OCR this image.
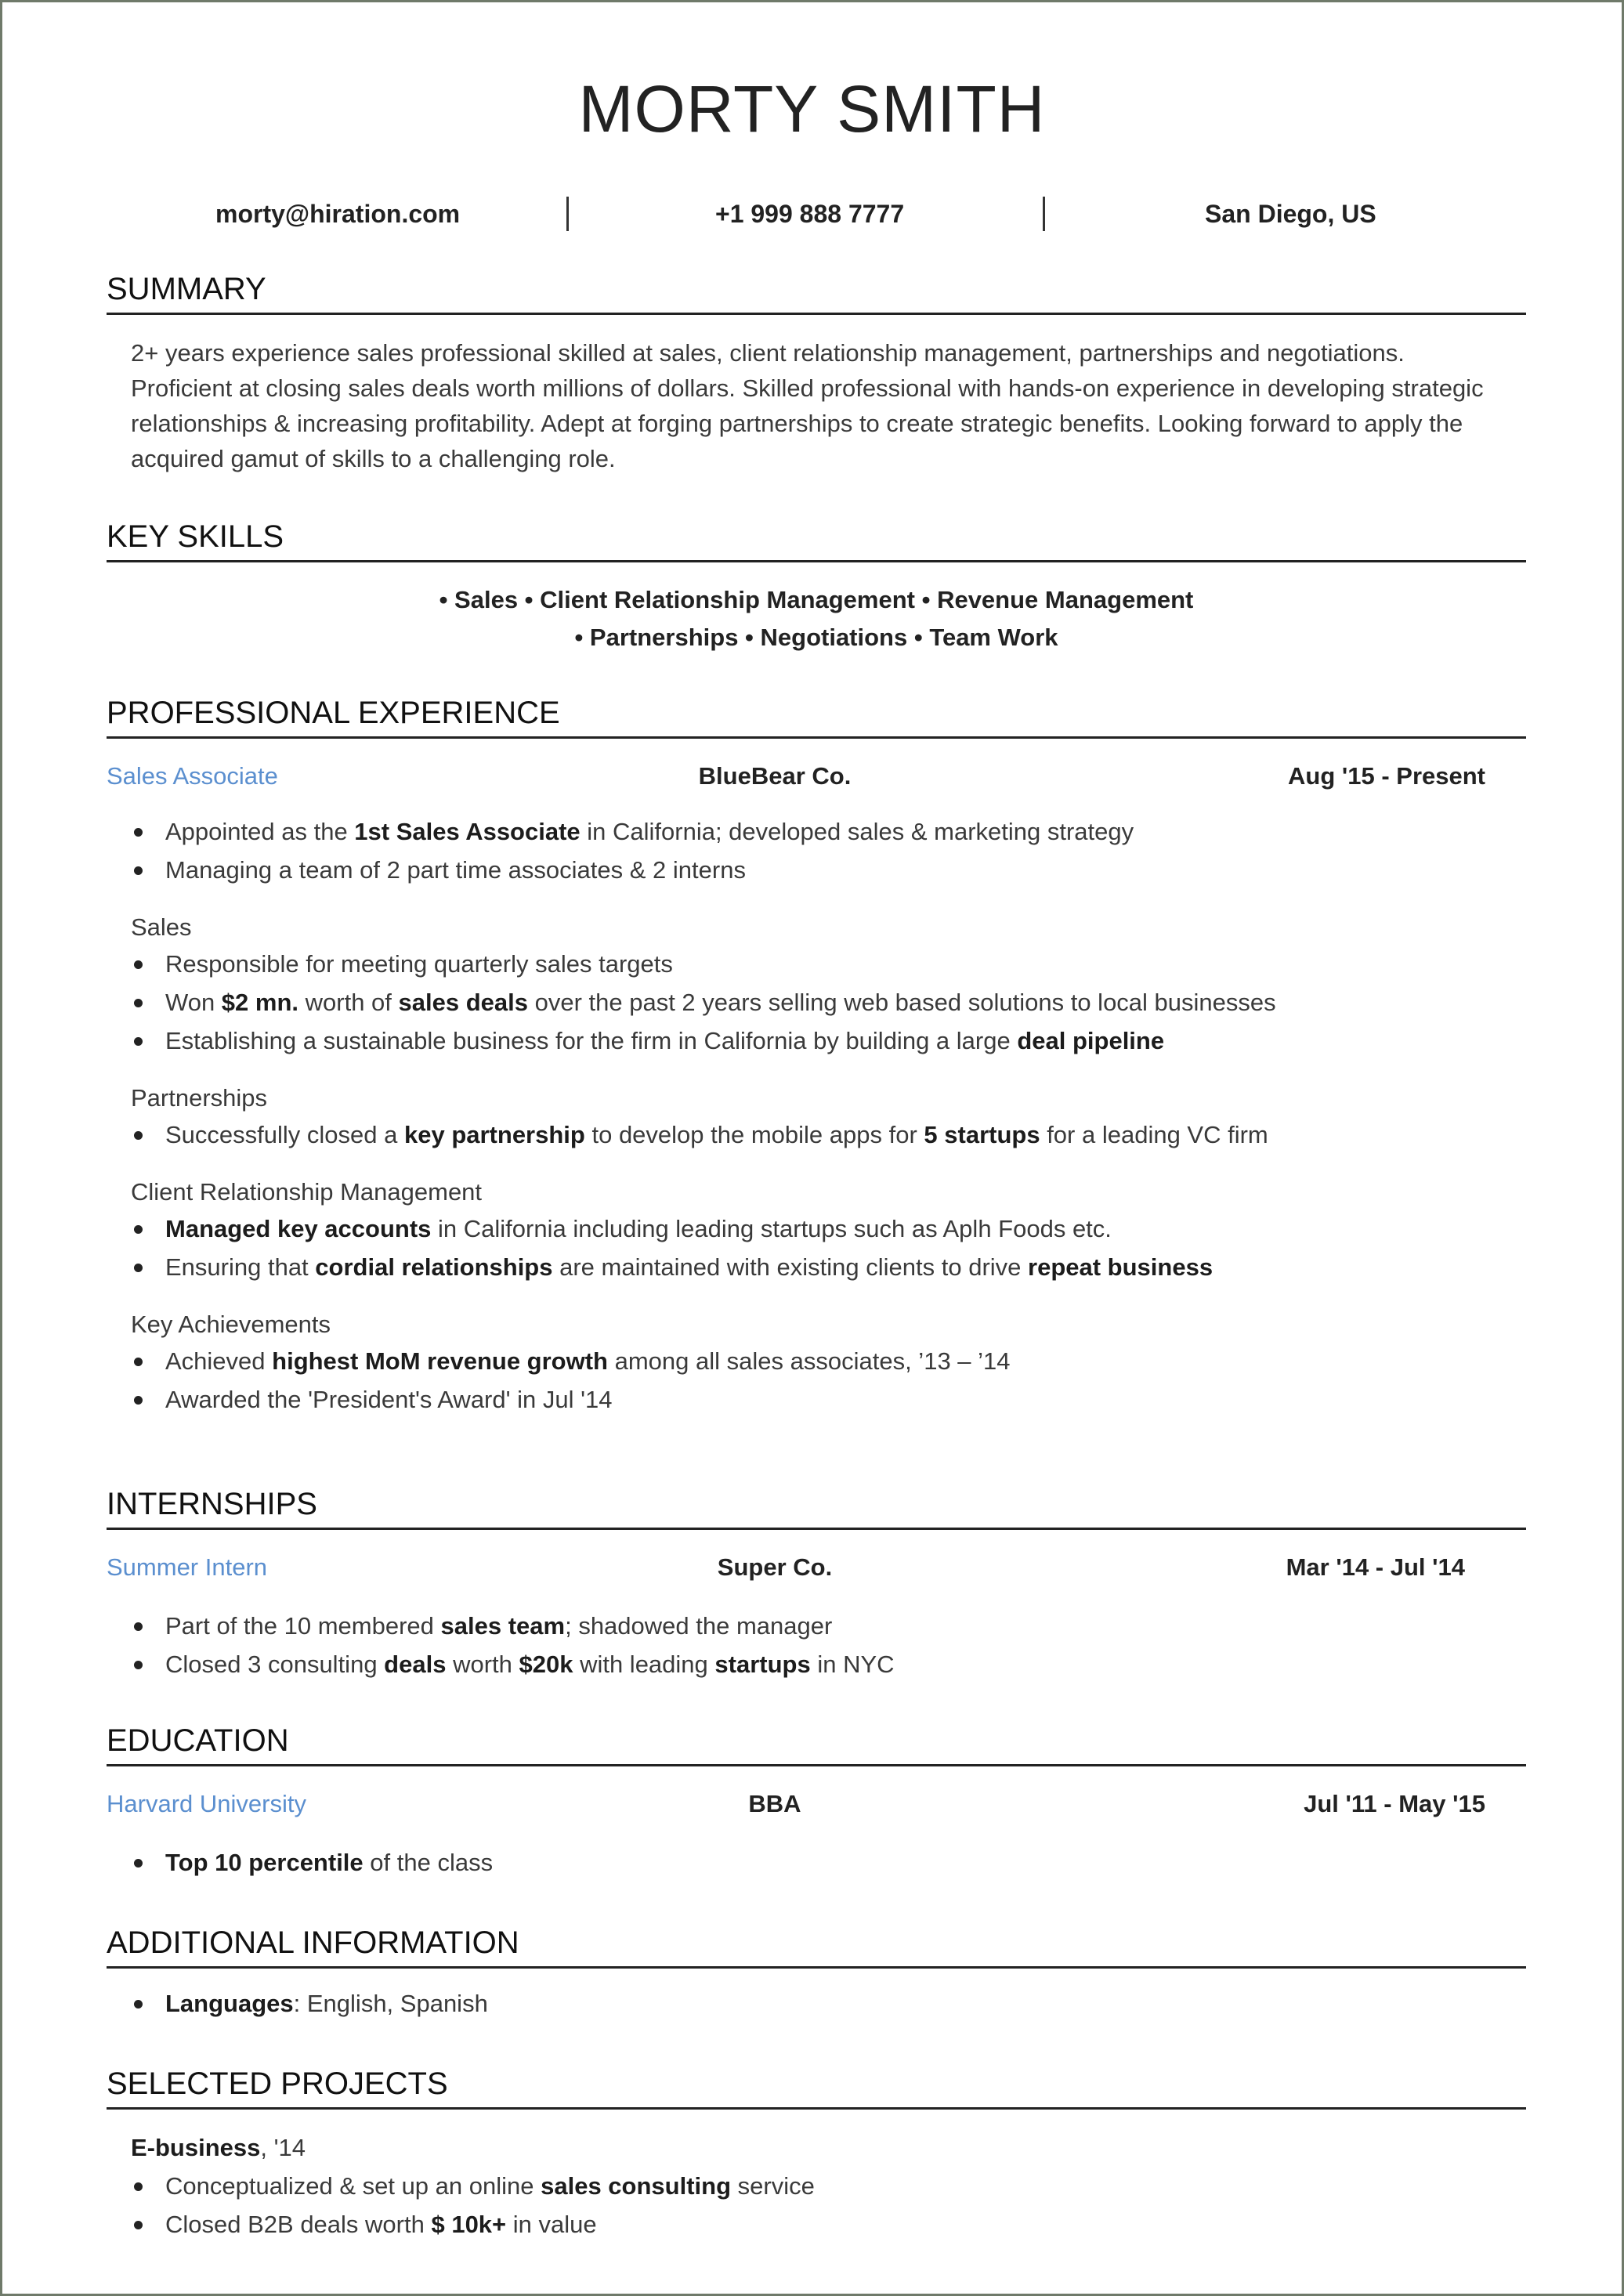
MORTY SMITH
morty@hiration.com	+1 999 888 7777	San Diego, US
SUMMARY

2+ years experience sales professional skilled at sales, client relationship management, partnerships and negotiations. Proficient at closing sales deals worth millions of dollars. Skilled professional with hands-on experience in developing strategic relationships & increasing profitability. Adept at forging partnerships to create strategic benefits. Looking forward to apply the acquired gamut of skills to a challenging role.

KEY SKILLS
• Sales • Client Relationship Management • Revenue Management
• Partnerships • Negotiations • Team Work
PROFESSIONAL EXPERIENCE
Sales Associate	BlueBear Co.	Aug '15 - Present
Appointed as the 1st Sales Associate in California; developed sales & marketing strategy
Managing a team of 2 part time associates & 2 interns
Sales
Responsible for meeting quarterly sales targets
Won $2 mn. worth of sales deals over the past 2 years selling web based solutions to local businesses
Establishing a sustainable business for the firm in California by building a large deal pipeline
Partnerships
Successfully closed a key partnership to develop the mobile apps for 5 startups for a leading VC firm
Client Relationship Management
Managed key accounts in California including leading startups such as Aplh Foods etc.
Ensuring that cordial relationships are maintained with existing clients to drive repeat business
Key Achievements
Achieved highest MoM revenue growth among all sales associates, ’13 – ’14
Awarded the 'President's Award' in Jul '14
INTERNSHIPS
Summer Intern	Super Co.	Mar '14 - Jul '14
Part of the 10 membered sales team; shadowed the manager
Closed 3 consulting deals worth $20k with leading startups in NYC
EDUCATION
Harvard University	BBA	Jul '11 - May '15
Top 10 percentile of the class
ADDITIONAL INFORMATION
Languages: English, Spanish
SELECTED PROJECTS
E-business, '14
Conceptualized & set up an online sales consulting service
Closed B2B deals worth $ 10k+ in value
